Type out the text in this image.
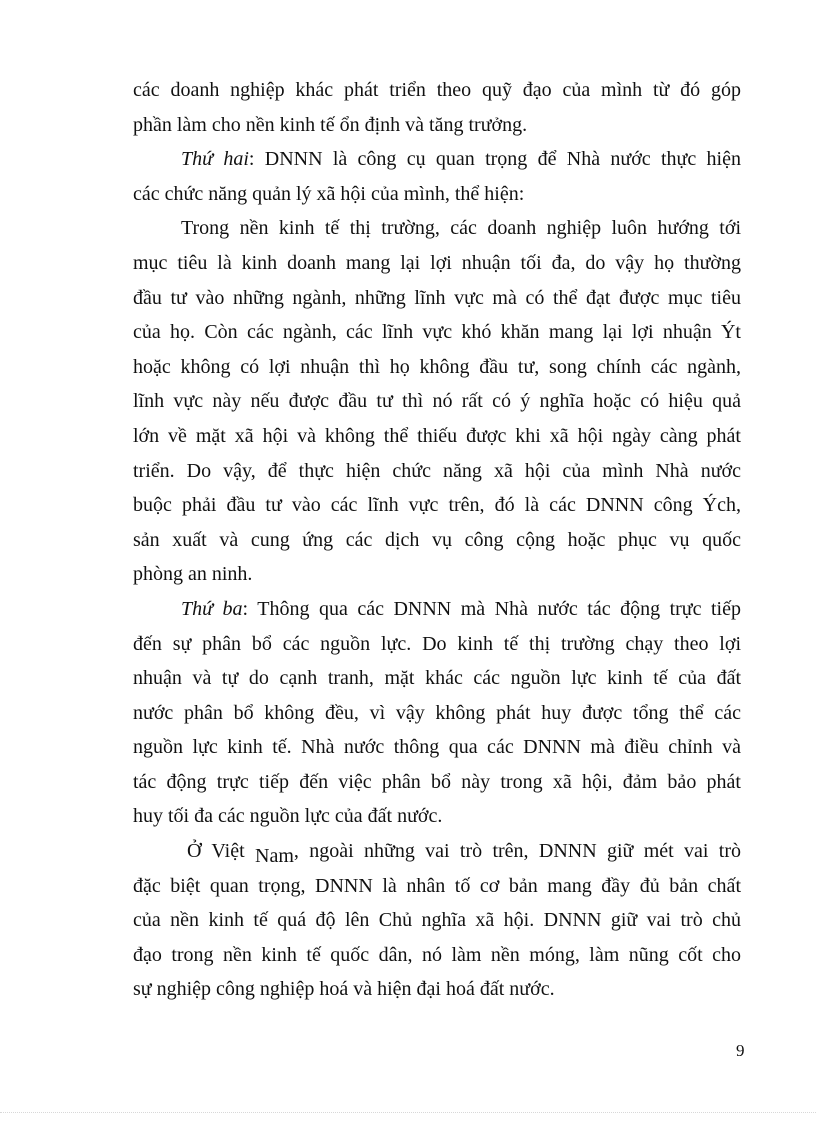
các doanh nghiệp khác phát triển theo quỹ đạo của mình từ đó góp
phần làm cho nền kinh tế ổn định và tăng trưởng.
Thứ hai: DNNN là công cụ quan trọng để Nhà nước thực hiện
các chức năng quản lý xã hội của mình, thể hiện:
Trong nền kinh tế thị trường, các doanh nghiệp luôn hướng tới
mục tiêu là kinh doanh mang lại lợi nhuận tối đa, do vậy họ thường
đầu tư vào những ngành, những lĩnh vực mà có thể đạt được mục tiêu
của họ. Còn các ngành, các lĩnh vực khó khăn mang lại lợi nhuận Ýt
hoặc không có lợi nhuận thì họ không đầu tư, song chính các ngành,
lĩnh vực này nếu được đầu tư thì nó rất có ý nghĩa hoặc có hiệu quả
lớn về mặt xã hội và không thể thiếu được khi xã hội ngày càng phát
triển. Do vậy, để thực hiện chức năng xã hội của mình Nhà nước
buộc phải đầu tư vào các lĩnh vực trên, đó là các DNNN công Ých,
sản xuất và cung ứng các dịch vụ công cộng hoặc phục vụ quốc
phòng an ninh.
Thứ ba: Thông qua các DNNN mà Nhà nước tác động trực tiếp
đến sự phân bổ các nguồn lực. Do kinh tế thị trường chạy theo lợi
nhuận và tự do cạnh tranh, mặt khác các nguồn lực kinh tế của đất
nước phân bổ không đều, vì vậy không phát huy được tổng thể các
nguồn lực kinh tế. Nhà nước thông qua các DNNN mà điều chỉnh và
tác động trực tiếp đến việc phân bổ này trong xã hội, đảm bảo phát
huy tối đa các nguồn lực của đất nước.
Ở Việt Nam, ngoài những vai trò trên, DNNN giữ mét vai trò
đặc biệt quan trọng, DNNN là nhân tố cơ bản mang đầy đủ bản chất
của nền kinh tế quá độ lên Chủ nghĩa xã hội. DNNN giữ vai trò chủ
đạo trong nền kinh tế quốc dân, nó làm nền móng, làm nũng cốt cho
sự nghiệp công nghiệp hoá và hiện đại hoá đất nước.
9
